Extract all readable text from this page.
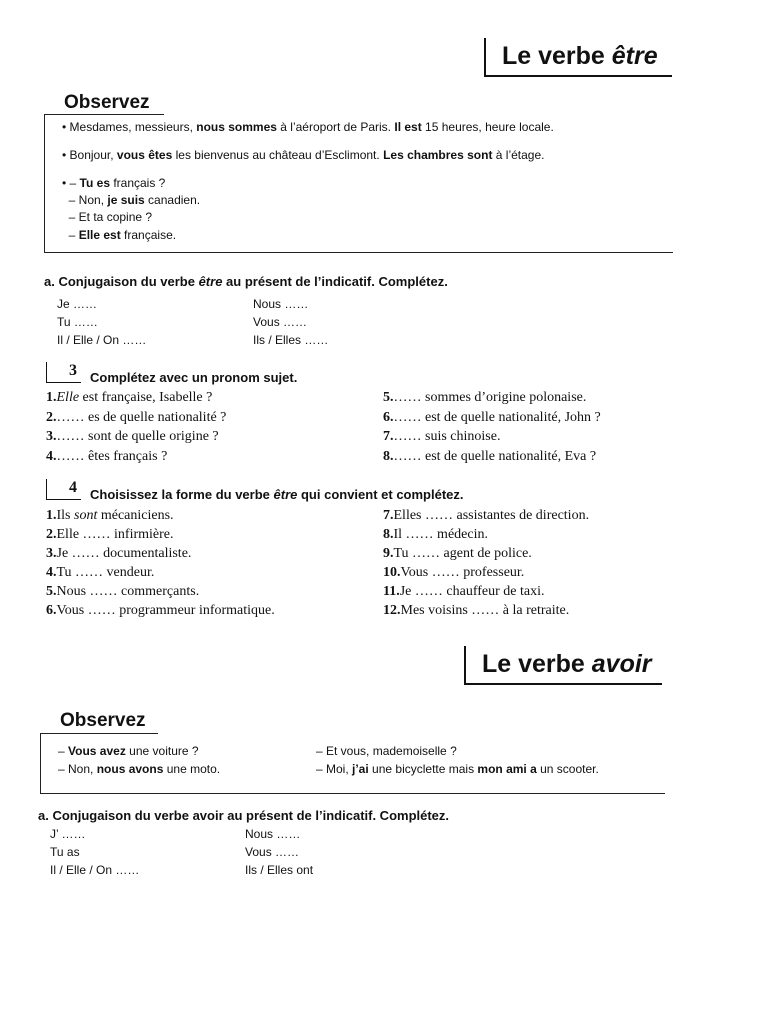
Le verbe être
Observez
• Mesdames, messieurs, nous sommes à l’aéroport de Paris. Il est 15 heures, heure locale.
• Bonjour, vous êtes les bienvenus au château d’Esclimont. Les chambres sont à l’étage.
• – Tu es français ?
– Non, je suis canadien.
– Et ta copine ?
– Elle est française.
a. Conjugaison du verbe être au présent de l’indicatif. Complétez.
Je ……
Tu ……
Il / Elle / On ……
Nous ……
Vous ……
Ils / Elles ……
3	Complétez avec un pronom sujet.
1.Elle est française, Isabelle ?
2.…… es de quelle nationalité ?
3.…… sont de quelle origine ?
4.…… êtes français ?
5.…… sommes d’origine polonaise.
6.…… est de quelle nationalité, John ?
7.…… suis chinoise.
8.…… est de quelle nationalité, Eva ?
4	Choisissez la forme du verbe être qui convient et complétez.
1.Ils sont mécaniciens.
2.Elle …… infirmière.
3.Je …… documentaliste.
4.Tu …… vendeur.
5.Nous …… commerçants.
6.Vous …… programmeur informatique.
7.Elles …… assistantes de direction.
8.Il …… médecin.
9.Tu …… agent de police.
10.Vous …… professeur.
11.Je …… chauffeur de taxi.
12.Mes voisins …… à la retraite.
Le verbe avoir
Observez
– Vous avez une voiture ?
– Non, nous avons une moto.
– Et vous, mademoiselle ?
– Moi, j’ai une bicyclette mais mon ami a un scooter.
a. Conjugaison du verbe avoir au présent de l’indicatif. Complétez.
J’ ……
Tu as
Il / Elle / On ……
Nous ……
Vous ……
Ils / Elles ont
